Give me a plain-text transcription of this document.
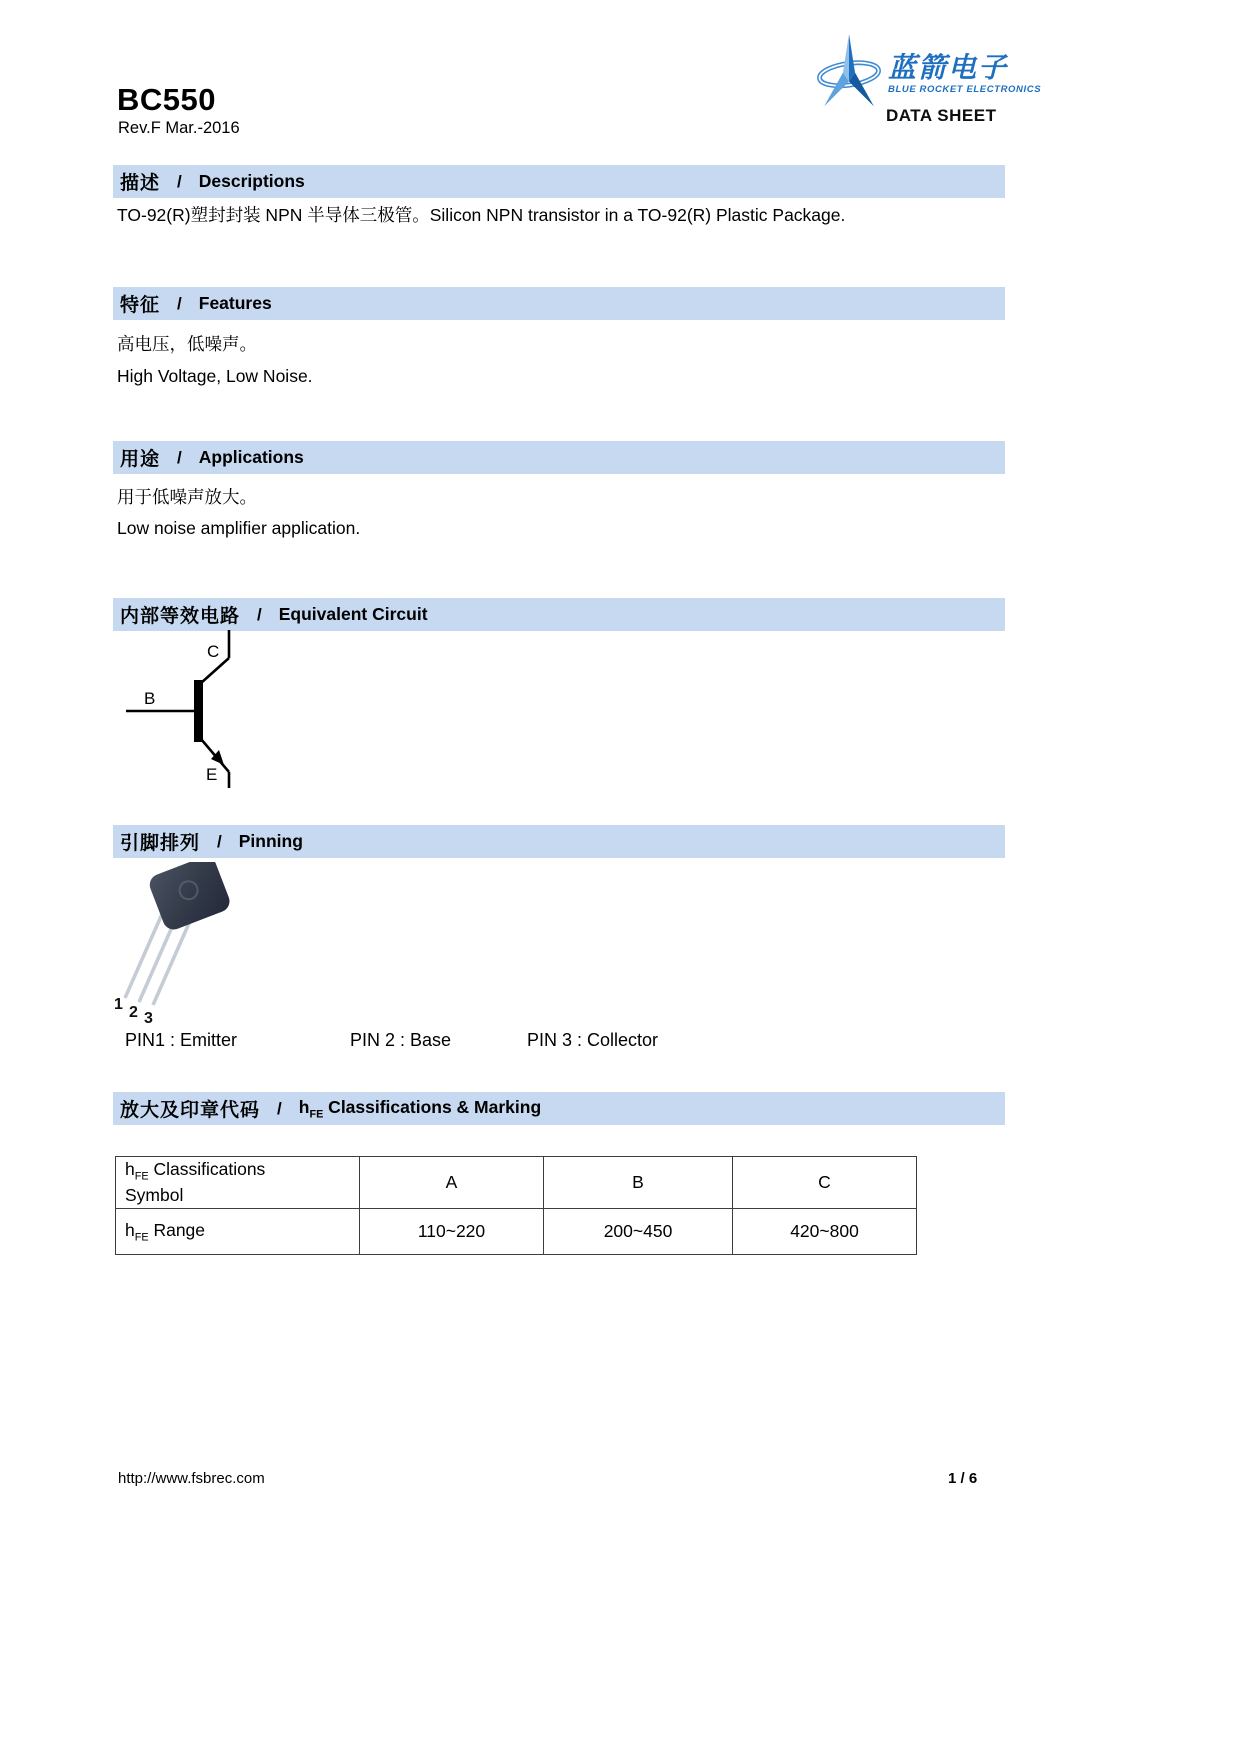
BC550
Rev.F Mar.-2016
蓝箭电子
BLUE ROCKET ELECTRONICS
DATA SHEET
描述 / Descriptions
TO-92(R)塑封封装 NPN 半导体三极管。Silicon NPN transistor in a TO-92(R) Plastic Package.
特征 / Features
高电压，低噪声。
High Voltage, Low Noise.
用途 / Applications
用于低噪声放大。
Low noise amplifier application.
内部等效电路 / Equivalent Circuit
C
B
E
引脚排列 / Pinning
1 2 3
PIN1 : Emitter	PIN 2 : Base	PIN 3 : Collector
放大及印章代码 / $h_{FE}$ Classifications & Marking
$h_{FE}$ Classifications
Symbol	A	B	C
$h_{FE}$ Range	110~220	200~450	420~800
http://www.fsbrec.com	1 / 6
